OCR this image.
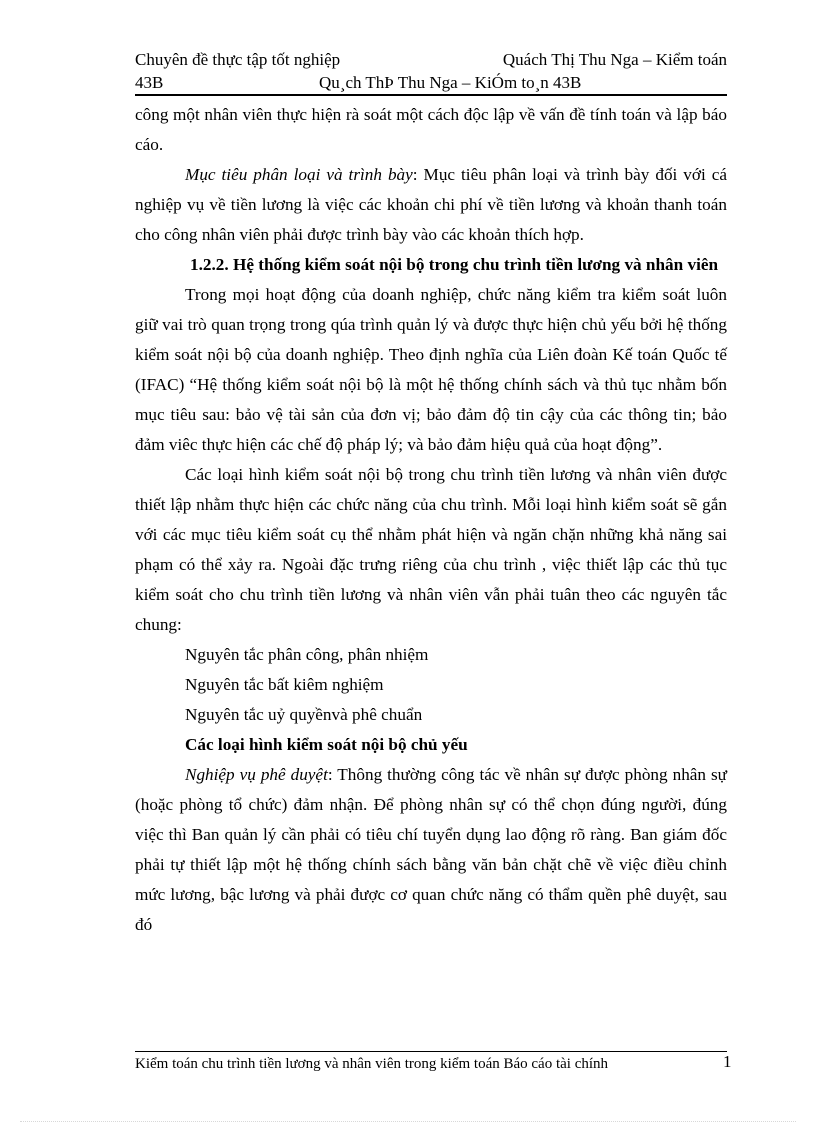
Chuyên đề thực tập tốt nghiệp	Quách Thị Thu Nga – Kiểm toán
43B	Qu¸ch ThÞ Thu Nga – KiÓm to¸n 43B

công một nhân viên thực hiện rà soát một cách độc lập về vấn đề tính toán và lập báo cáo.

Mục tiêu phân loại và trình bày: Mục tiêu phân loại và trình bày đối với cá nghiệp vụ về tiền lương là việc các khoản chi phí về tiền lương và khoản thanh toán cho công nhân viên phải được trình bày vào các khoản thích hợp.

1.2.2. Hệ thống kiểm soát nội bộ trong chu trình tiền lương và nhân viên

Trong mọi hoạt động của doanh nghiệp, chức năng kiểm tra kiểm soát luôn giữ vai trò quan trọng trong qúa trình quản lý và được thực hiện chủ yếu bởi hệ thống kiểm soát nội bộ của doanh nghiệp. Theo định nghĩa của Liên đoàn Kế toán Quốc tế (IFAC) “Hệ thống kiểm soát nội bộ là một hệ thống chính sách và thủ tục nhằm bốn mục tiêu sau: bảo vệ tài sản của đơn vị; bảo đảm độ tin cậy của các thông tin; bảo đảm viêc thực hiện các chế độ pháp lý; và bảo đảm hiệu quả của hoạt động”.

Các loại hình kiểm soát nội bộ trong chu trình tiền lương và nhân viên được thiết lập nhằm thực hiện các chức năng của chu trình. Mỗi loại hình kiểm soát sẽ gắn với các mục tiêu kiểm soát cụ thể nhằm phát hiện và ngăn chặn những khả năng sai phạm có thể xảy ra. Ngoài đặc trưng riêng của chu trình , việc thiết lập các thủ tục kiểm soát cho chu trình tiền lương và nhân viên vẫn phải tuân theo các nguyên tắc chung:

Nguyên tắc phân công, phân nhiệm

Nguyên tắc bất kiêm nghiệm

Nguyên tắc uỷ quyềnvà phê chuẩn

Các loại hình kiểm soát nội bộ chủ yếu

Nghiệp vụ phê duyệt: Thông thường công tác về nhân sự được phòng nhân sự (hoặc phòng tổ chức) đảm nhận. Để phòng nhân sự có thể chọn đúng người, đúng việc thì Ban quản lý cần phải có tiêu chí tuyển dụng lao động rõ ràng. Ban giám đốc phải tự thiết lập một hệ thống chính sách bằng văn bản chặt chẽ về việc điều chỉnh mức lương, bậc lương và phải được cơ quan chức năng có thẩm quền phê duyệt, sau đó

Kiểm toán chu trình tiền lương và nhân viên trong kiểm toán Báo cáo tài chính	1
